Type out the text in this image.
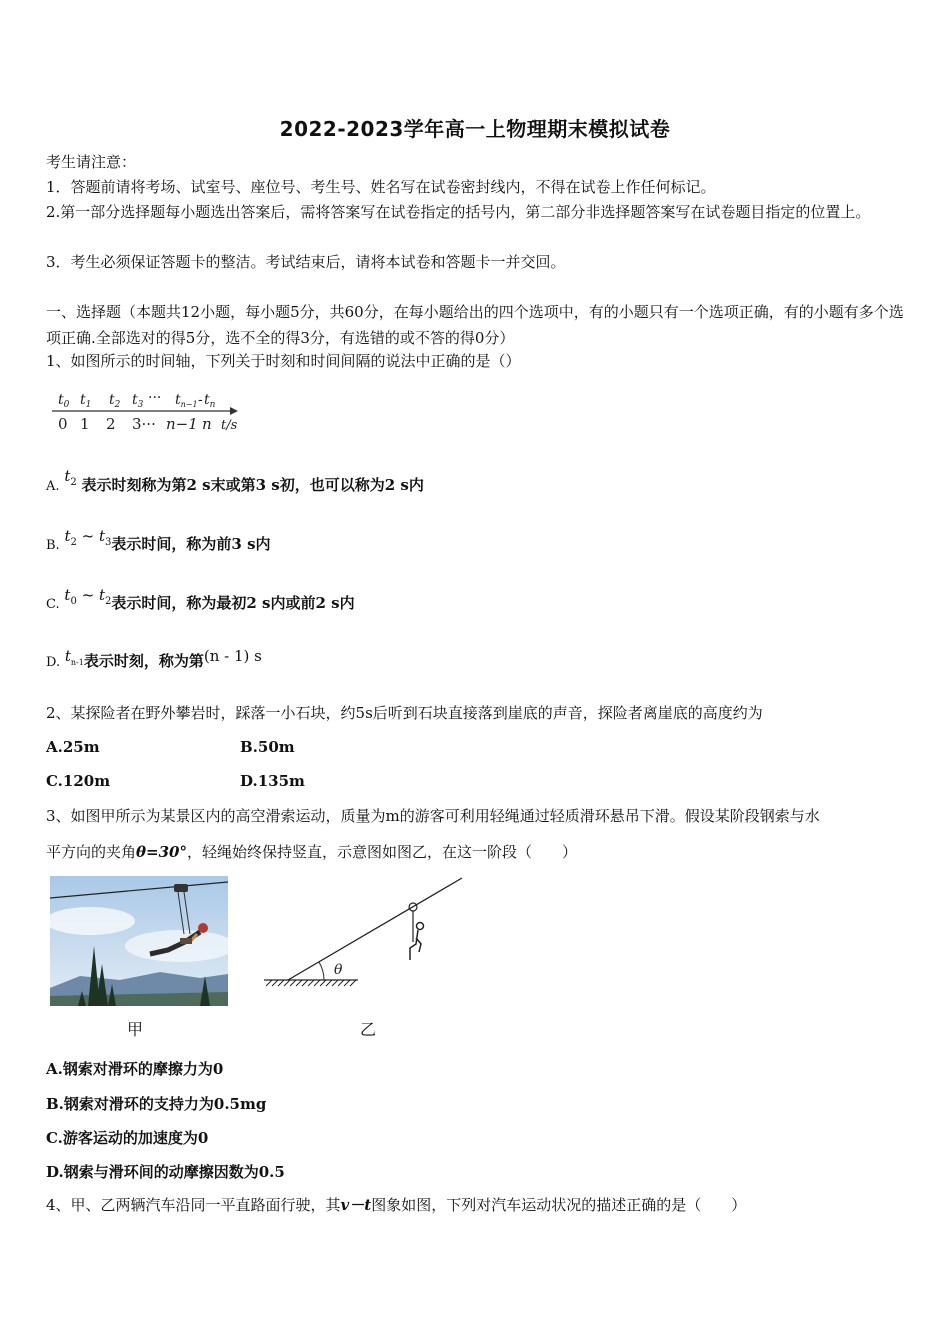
2022-2023学年高一上物理期末模拟试卷
考生请注意：
1．答题前请将考场、试室号、座位号、考生号、姓名写在试卷密封线内，不得在试卷上作任何标记。
2.第一部分选择题每小题选出答案后，需将答案写在试卷指定的括号内，第二部分非选择题答案写在试卷题目指定的位置上。
3．考生必须保证答题卡的整洁。考试结束后，请将本试卷和答题卡一并交回。
一、选择题（本题共12小题，每小题5分，共60分，在每小题给出的四个选项中，有的小题只有一个选项正确，有的小题有多个选项正确.全部选对的得5分，选不全的得3分，有选错的或不答的得0分）
1、如图所示的时间轴，下列关于时刻和时间间隔的说法中正确的是（）
$t_0$ $t_1$ $t_2$ $t_3$ ··· $t_{n-1} - t_n$
0 1 2 3··· n−1 n t/s
A. $t_2$ 表示时刻称为第2 s末或第3 s初，也可以称为2 s内
B. $t_2$ ~ $t_3$表示时间，称为前3 s内
C. $t_0$ ~ $t_2$表示时间，称为最初2 s内或前2 s内
D. $t_{n-1}$表示时刻，称为第(n - 1) s
2、某探险者在野外攀岩时，踩落一小石块，约5s后听到石块直接落到崖底的声音，探险者离崖底的高度约为
A.25m	B.50m
C.120m	D.135m
3、如图甲所示为某景区内的高空滑索运动，质量为m的游客可利用轻绳通过轻质滑环悬吊下滑。假设某阶段钢索与水
平方向的夹角θ=30°，轻绳始终保持竖直，示意图如图乙，在这一阶段（　　）
甲
θ
乙
A.钢索对滑环的摩擦力为0
B.钢索对滑环的支持力为0.5mg
C.游客运动的加速度为0
D.钢索与滑环间的动摩擦因数为0.5
4、甲、乙两辆汽车沿同一平直路面行驶，其v－t图象如图，下列对汽车运动状况的描述正确的是（　　）
